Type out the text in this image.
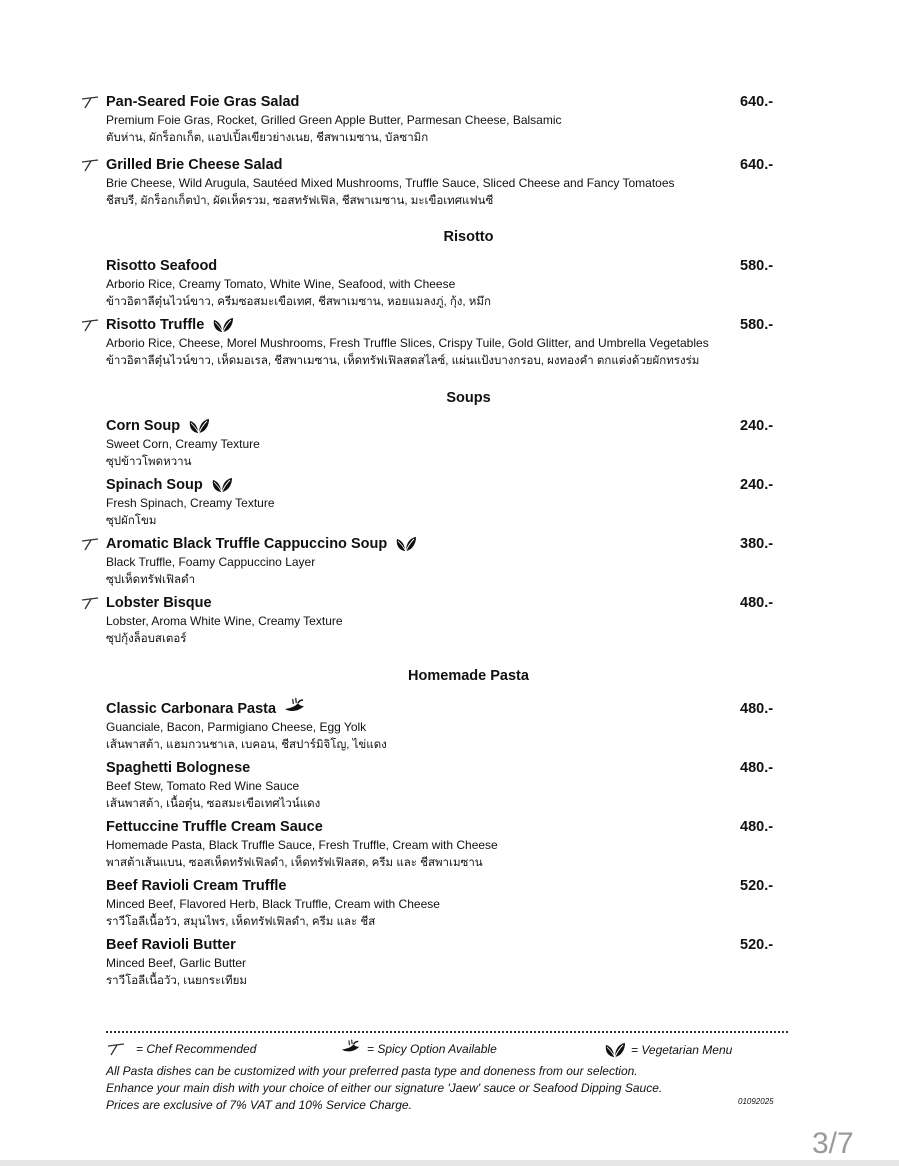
Pan-Seared Foie Gras Salad	640.-
Premium Foie Gras, Rocket, Grilled Green Apple Butter, Parmesan Cheese, Balsamic
ตับห่าน, ผักร็อกเก็ต, แอปเปิ้ลเขียวย่างเนย, ชีสพาเมซาน, บัลซามิก
Grilled Brie Cheese Salad	640.-
Brie Cheese, Wild Arugula, Sautéed Mixed Mushrooms, Truffle Sauce, Sliced Cheese and Fancy Tomatoes
ชีสบรี, ผักร็อกเก็ตป่า, ผัดเห็ดรวม, ซอสทรัฟเฟิล, ชีสพาเมซาน, มะเขือเทศแฟนซี
Risotto
Risotto Seafood	580.-
Arborio Rice, Creamy Tomato, White Wine, Seafood, with Cheese
ข้าวอิตาลีตุ๋นไวน์ขาว, ครีมซอสมะเขือเทศ, ชีสพาเมซาน, หอยแมลงภู่, กุ้ง, หมึก
Risotto Truffle	580.-
Arborio Rice, Cheese, Morel Mushrooms, Fresh Truffle Slices, Crispy Tuile, Gold Glitter, and Umbrella Vegetables
ข้าวอิตาลีตุ๋นไวน์ขาว, เห็ดมอเรล, ชีสพาเมซาน, เห็ดทรัฟเฟิลสดสไลซ์, แผ่นแป้งบางกรอบ, ผงทองคำ ตกแต่งด้วยผักทรงร่ม
Soups
Corn Soup	240.-
Sweet Corn, Creamy Texture
ซุปข้าวโพดหวาน
Spinach Soup	240.-
Fresh Spinach, Creamy Texture
ซุปผักโขม
Aromatic Black Truffle Cappuccino Soup	380.-
Black Truffle, Foamy Cappuccino Layer
ซุปเห็ดทรัฟเฟิลดำ
Lobster Bisque	480.-
Lobster, Aroma White Wine, Creamy Texture
ซุปกุ้งล็อบสเตอร์
Homemade Pasta
Classic Carbonara Pasta	480.-
Guanciale, Bacon, Parmigiano Cheese, Egg Yolk
เส้นพาสต้า, แฮมกวนชาเล, เบคอน, ชีสปาร์มิจิโญ, ไข่แดง
Spaghetti Bolognese	480.-
Beef Stew, Tomato Red Wine Sauce
เส้นพาสต้า, เนื้อตุ๋น, ซอสมะเขือเทศไวน์แดง
Fettuccine Truffle Cream Sauce	480.-
Homemade Pasta, Black Truffle Sauce, Fresh Truffle, Cream with Cheese
พาสต้าเส้นแบน, ซอสเห็ดทรัฟเฟิลดำ, เห็ดทรัฟเฟิลสด, ครีม และ ชีสพาเมซาน
Beef Ravioli Cream Truffle	520.-
Minced Beef, Flavored Herb, Black Truffle, Cream with Cheese
ราวีโอลีเนื้อวัว, สมุนไพร, เห็ดทรัฟเฟิลดำ, ครีม และ ชีส
Beef Ravioli Butter	520.-
Minced Beef, Garlic Butter
ราวีโอลีเนื้อวัว, เนยกระเทียม
= Chef Recommended	= Spicy Option Available	= Vegetarian Menu
All Pasta dishes can be customized with your preferred pasta type and doneness from our selection.
Enhance your main dish with your choice of either our signature 'Jaew' sauce or Seafood Dipping Sauce.
Prices are exclusive of 7% VAT and 10% Service Charge.	01092025
3/7
